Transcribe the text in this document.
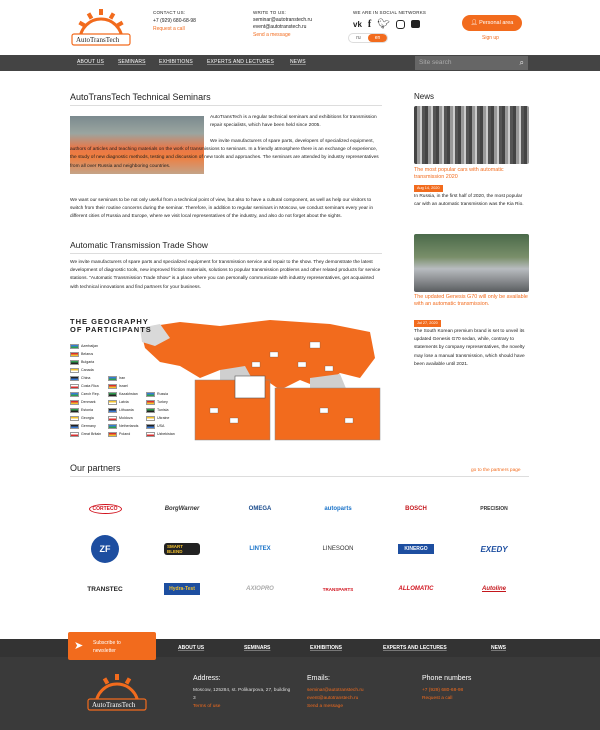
AutoTransTech
CONTACT US:
+7 (929) 680-68-98
Request a call
WRITE TO US:
seminar@autotranstech.ru
event@autotranstech.ru
Send a message
WE ARE IN SOCIAL NETWORKS
vk f 🐦︎
ru	en
👤︎ Personal area
Sign up
ABOUT US	SEMINARS	EXHIBITIONS	EXPERTS AND LECTURES	NEWS	Site search	⌕
AutoTransTech Technical Seminars
AutoTransTech is a regular technical seminars and exhibitions for transmission repair specialists, which have been held since 2005.
We invite manufacturers of spare parts, developers of specialized equipment, authors of articles and teaching materials on the work of transmissions to seminars. In a friendly atmosphere there is an exchange of experience, the study of new diagnostic methods, testing and discussion of new tools and approaches. The seminars are attended by industry representatives from all over Russia and neighboring countries.
We want our seminars to be not only useful from a technical point of view, but also to have a cultural component, as well as help our visitors to switch from their routine concerns during the seminar. Therefore, in addition to regular seminars in Moscow, we conduct seminars every year in different cities of Russia and Europe, where we visit local representatives of the industry, and also do not forget about the sights.
Automatic Transmission Trade Show
We invite manufacturers of spare parts and specialized equipment for transmission service and repair to the show. They demonstrate the latest development of diagnostic tools, new improved friction materials, solutions to popular transmission problems and other related products for service stations. "Automatic Transmission Trade Show" is a place where you can personally communicate with industry representatives, get acquainted with technical innovations and find partners for your business.
THE GEOGRAPHY
OF PARTICIPANTS
Azerbaijan
Belarus
Bulgaria
Canada
China
Costa Rica
Czech Rep.
Denmark
Estonia
Georgia
Germany
Great Britain
Iran
Israel
Kazakhstan
Latvia
Lithuania
Moldova
Netherlands
Poland
Russia
Turkey
Tunisia
Ukraine
USA
Uzbekistan
News
The most popular cars with automatic transmission 2020
Aug 14, 2020
In Russia, in the first half of 2020, the most popular car with an automatic transmission was the Kia Rio.
The updated Genesis G70 will only be available with an automatic transmission.
Jul 27, 2020
The South Korean premium brand is set to unveil its updated Genesis G70 sedan, while, contrary to statements by company representatives, the novelty may lose a manual transmission, which should have been available until 2021.
Our partners	go to the partners page
CORTECO	BorgWarner	OMEGA	autoparts	BOSCH	PRECISION
ZF	SMART BLEND	LINTEX	LINESOON	KINERGO	EXEDY
TRANSTEC	Hydra-Test	AXIOPRO	TRANSPARTS	ALLOMATIC	Autoline
ABOUT US	SEMINARS	EXHIBITIONS	EXPERTS AND LECTURES	NEWS
AutoTransTech
Address:
Moscow, 125284, st. Polikarpova, 27, building 3
Terms of use
Emails:
seminar@autotranstech.ru
event@autotranstech.ru
Send a message
Phone numbers
+7 (929) 680-68-98
Request a call
➤ Subscribe to newsletter
